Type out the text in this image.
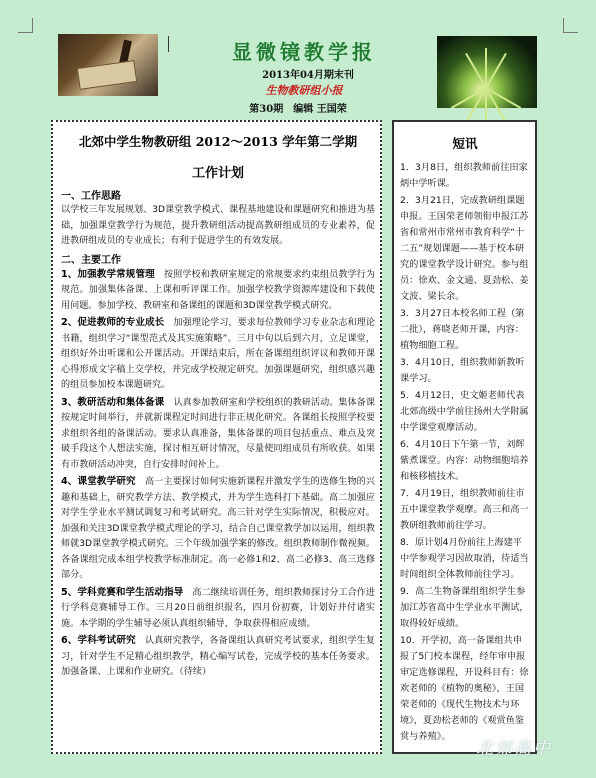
显微镜教学报
2013年04月期末刊
生物教研组小报
第30期　编辑 王国荣
北郊中学生物教研组 2012～2013 学年第二学期
工作计划
一、工作思路

以学校三年发展规划、3D课堂教学模式、课程基地建设和课题研究和推进为基础，加强课堂教学行为规范，提升教研组活动提高教研组成员的专业素养，促进教研组成员的专业成长；有利于促进学生的有效发展。

二、主要工作

1、加强教学常规管理　 按照学校和教研室规定的常规要求约束组员教学行为规范。加强集体备课、上课和听评课工作。加强学校教学资源库建设和下载使用问题。参加学校、教研室和备课组的课题和3D课堂教学模式研究。

2、促进教师的专业成长　 加强理论学习，要求每位教师学习专业杂志和理论书籍，组织学习“课型范式及其实施策略”。三月中旬以后到六月，立足课堂，组织好外出听课和公开课活动。开课结束后，所在备课组组织评议和教师开课心得形成文字稿上交学校，并完成学校规定研究。加强课题研究，组织感兴趣的组员参加校本课题研究。

3、教研活动和集体备课　 认真参加教研室和学校组织的教研活动。集体备课按规定时间举行，并就新课程定时间进行非正规化研究。各课组长按照学校要求组织各组的备课活动。要求认真准备，集体备课的项目包括重点、难点及突破手段这个人想法实施，探讨相互研讨情况，尽量使同组成员有所收获。如果有市教研活动冲突，自行安排时间补上。

4、课堂教学研究　 高一主要探讨如何实施新课程并激发学生的选修生物的兴趣和基础上，研究教学方法、教学模式，并为学生选科打下基础。高二加强应对学生学业水平测试调复习和考试研究。高三针对学生实际情况，积极应对。加强和关注3D课堂教学模式理论的学习，结合自己课堂教学加以运用，组织教师就3D课堂教学模式研究。三个年级加强学案的修改。组织教师制作微视频。各备课组完成本组学校教学标准制定。高一必修1和2、高二必修3、高三选修部分。

5、学科竞赛和学生活动指导　 高二继续培训任务，组织教师探讨分工合作进行学科竞赛辅导工作。三月20日前组织报名，四月份初赛，计划好并付诸实施。本学期的学生辅导必须认真组织辅导，争取获得相应成绩。

6、学科考试研究　 认真研究教学，各备课组认真研究考试要求，组织学生复习，针对学生不足精心组织教学，精心编写试卷，完成学校的基本任务要求。加强备课、上课和作业研究。（待续）

短讯

1．3月8日，组织教师前往田家炳中学听课。

2．3月21日，完成教研组课题申报。王国荣老师领衔申报江苏省和常州市常州市教育科学“十二五”规划课题——基于校本研究的课堂教学设计研究。参与组员：徐欢、金文通、夏劲松、姜文波、梁长余。

3．3月27日本校名师工程（第二批），蒋晓老师开课，内容：植物细胞工程。

3．4月10日，组织教师新教听课学习。

5．4月12日，史文姬老师代表北郊高级中学前往扬州大学附属中学课堂观摩活动。

6．4月10日下午第一节，刘辉紫煮课堂。内容：动物细胞培养和核移植技术。

7．4月19日，组织教师前往市五中课堂教学观摩。高三和高一教研组教师前往学习。

8．原计划4月份前往上海建平中学参观学习因故取消，待适当时间组织全体教师前往学习。

9．高二生物备课组组织学生参加江苏省高中生学业水平测试，取得较好成绩。

10．开学初，高一备课组共申报了5门校本课程，经年审申报审定选修课程，开设科目有：徐欢老师的《植物的奥秘》，王国荣老师的《现代生物技术与环境》，夏劲松老师的《观赏鱼鉴赏与养殖》。

北郊高中
